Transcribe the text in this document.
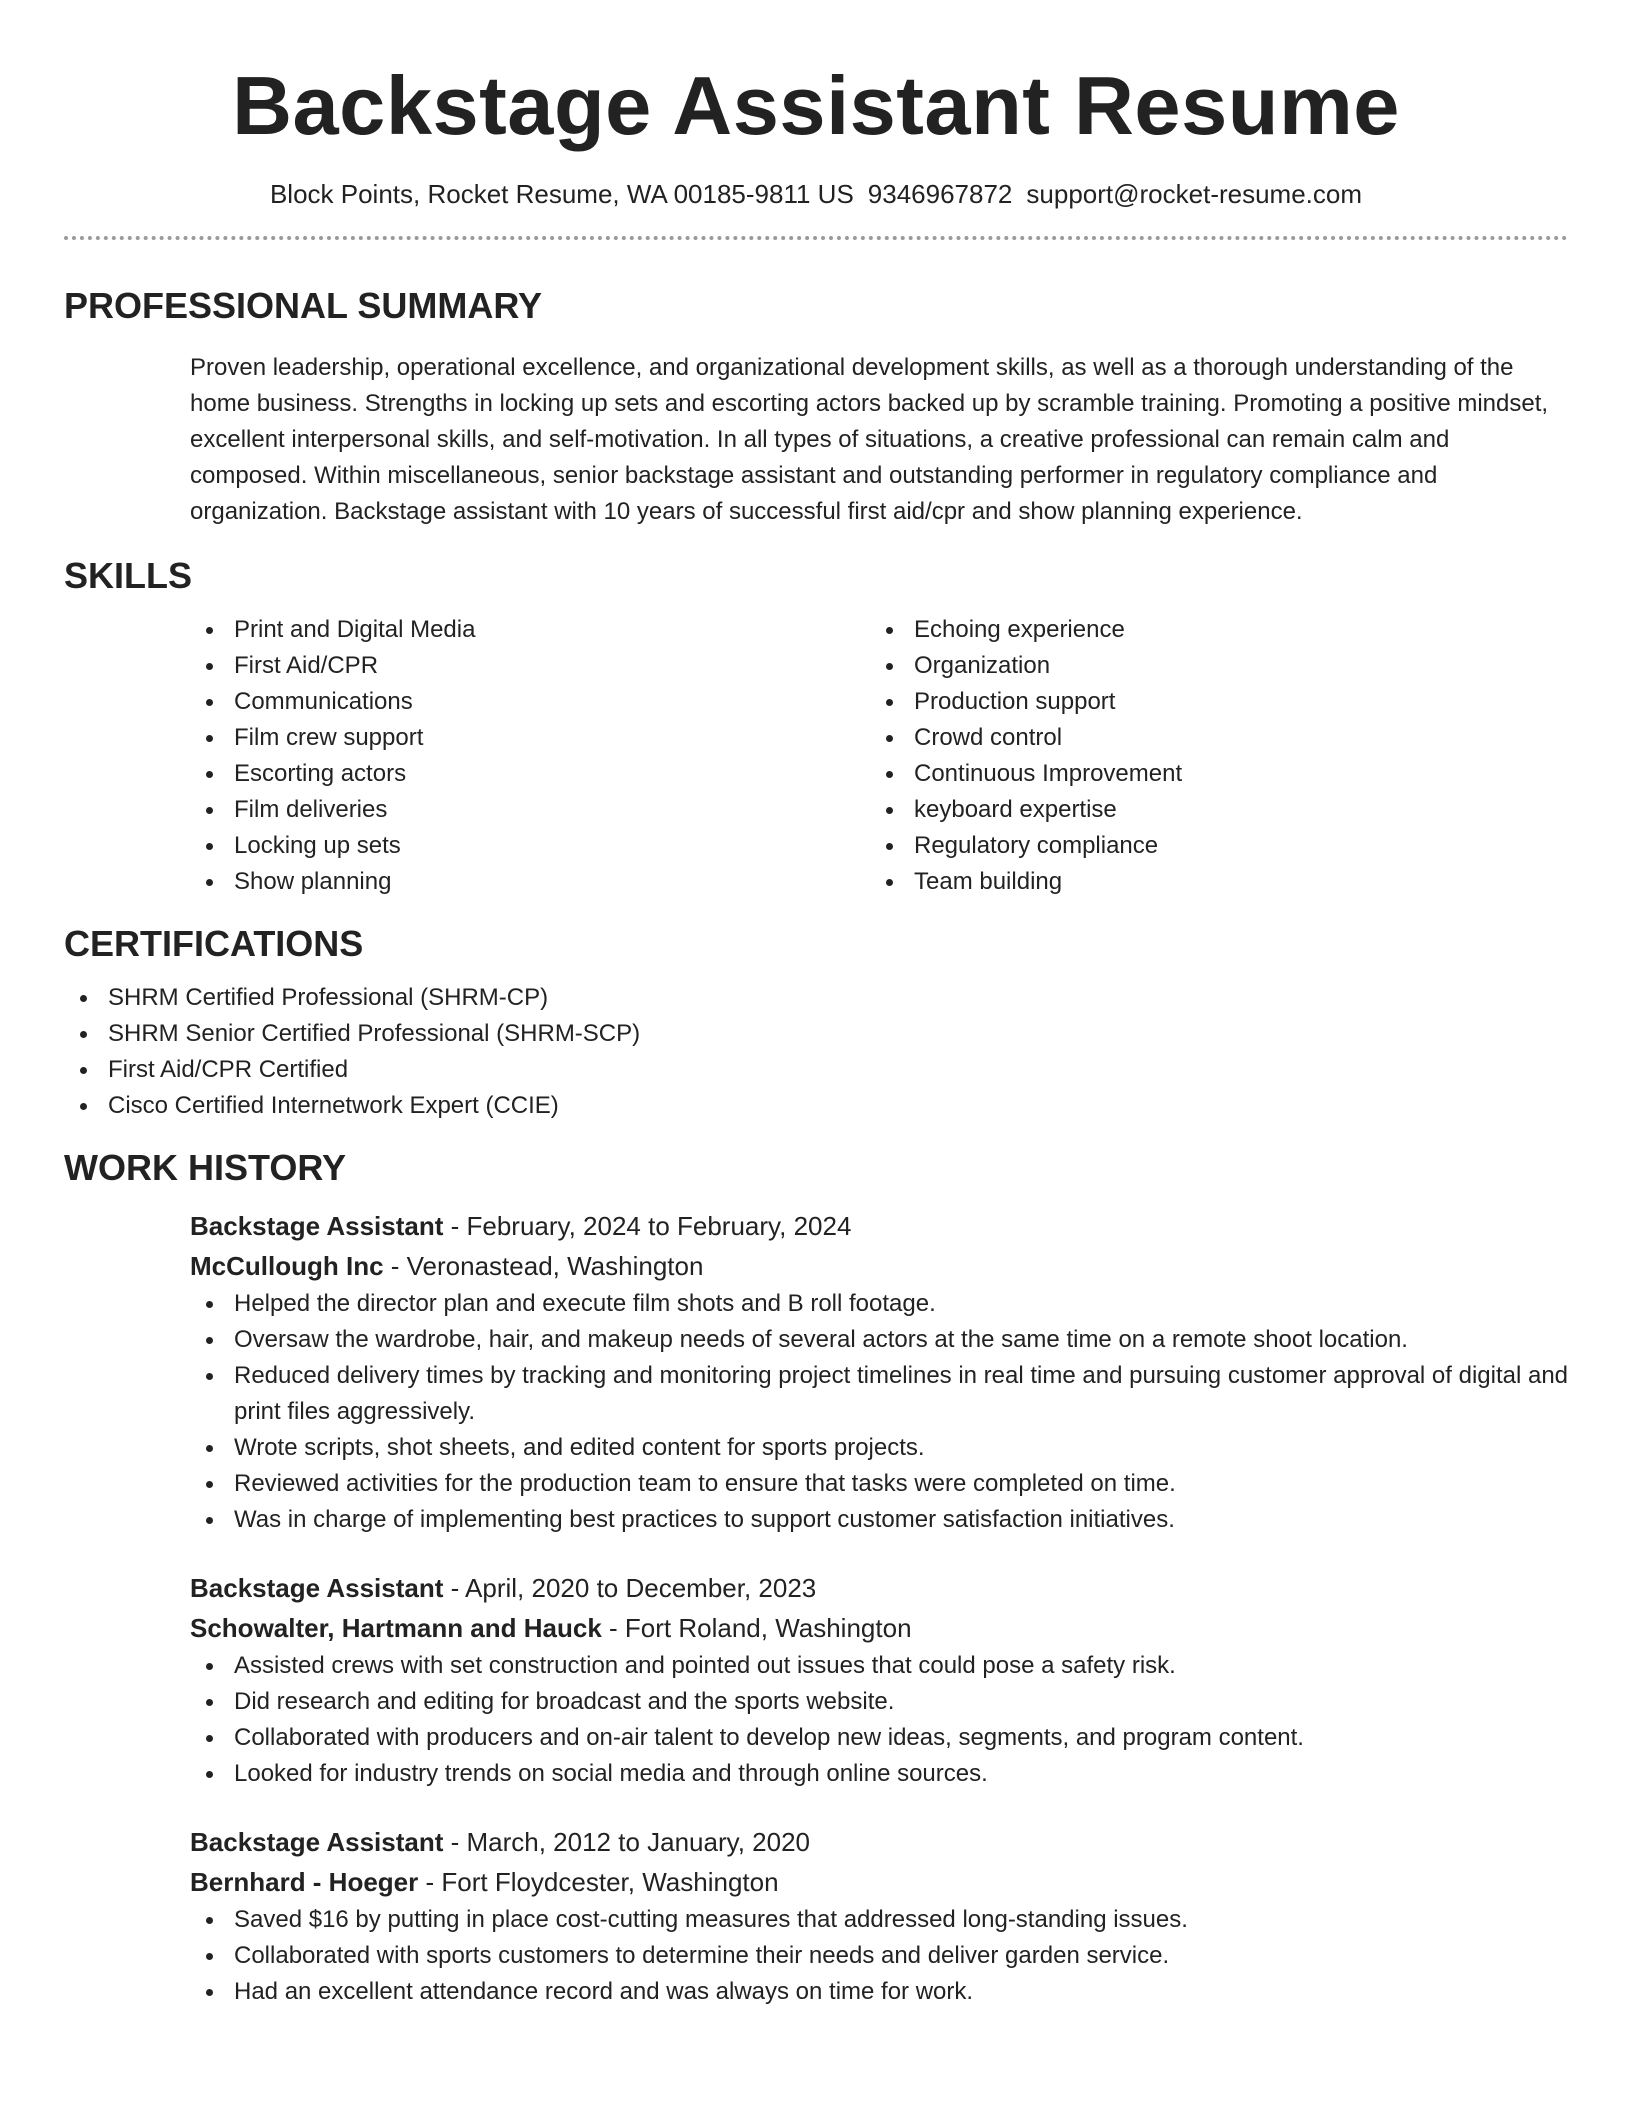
Backstage Assistant Resume
Block Points, Rocket Resume, WA 00185-9811 US 9346967872 support@rocket-resume.com
PROFESSIONAL SUMMARY

Proven leadership, operational excellence, and organizational development skills, as well as a thorough understanding of the home business. Strengths in locking up sets and escorting actors backed up by scramble training. Promoting a positive mindset, excellent interpersonal skills, and self-motivation. In all types of situations, a creative professional can remain calm and composed. Within miscellaneous, senior backstage assistant and outstanding performer in regulatory compliance and organization. Backstage assistant with 10 years of successful first aid/cpr and show planning experience.

SKILLS
Print and Digital Media
First Aid/CPR
Communications
Film crew support
Escorting actors
Film deliveries
Locking up sets
Show planning
Echoing experience
Organization
Production support
Crowd control
Continuous Improvement
keyboard expertise
Regulatory compliance
Team building
CERTIFICATIONS
SHRM Certified Professional (SHRM-CP)
SHRM Senior Certified Professional (SHRM-SCP)
First Aid/CPR Certified
Cisco Certified Internetwork Expert (CCIE)
WORK HISTORY
Backstage Assistant - February, 2024 to February, 2024
McCullough Inc - Veronastead, Washington
Helped the director plan and execute film shots and B roll footage.
Oversaw the wardrobe, hair, and makeup needs of several actors at the same time on a remote shoot location.
Reduced delivery times by tracking and monitoring project timelines in real time and pursuing customer approval of digital and print files aggressively.
Wrote scripts, shot sheets, and edited content for sports projects.
Reviewed activities for the production team to ensure that tasks were completed on time.
Was in charge of implementing best practices to support customer satisfaction initiatives.
Backstage Assistant - April, 2020 to December, 2023
Schowalter, Hartmann and Hauck - Fort Roland, Washington
Assisted crews with set construction and pointed out issues that could pose a safety risk.
Did research and editing for broadcast and the sports website.
Collaborated with producers and on-air talent to develop new ideas, segments, and program content.
Looked for industry trends on social media and through online sources.
Backstage Assistant - March, 2012 to January, 2020
Bernhard - Hoeger - Fort Floydcester, Washington
Saved $16 by putting in place cost-cutting measures that addressed long-standing issues.
Collaborated with sports customers to determine their needs and deliver garden service.
Had an excellent attendance record and was always on time for work.
